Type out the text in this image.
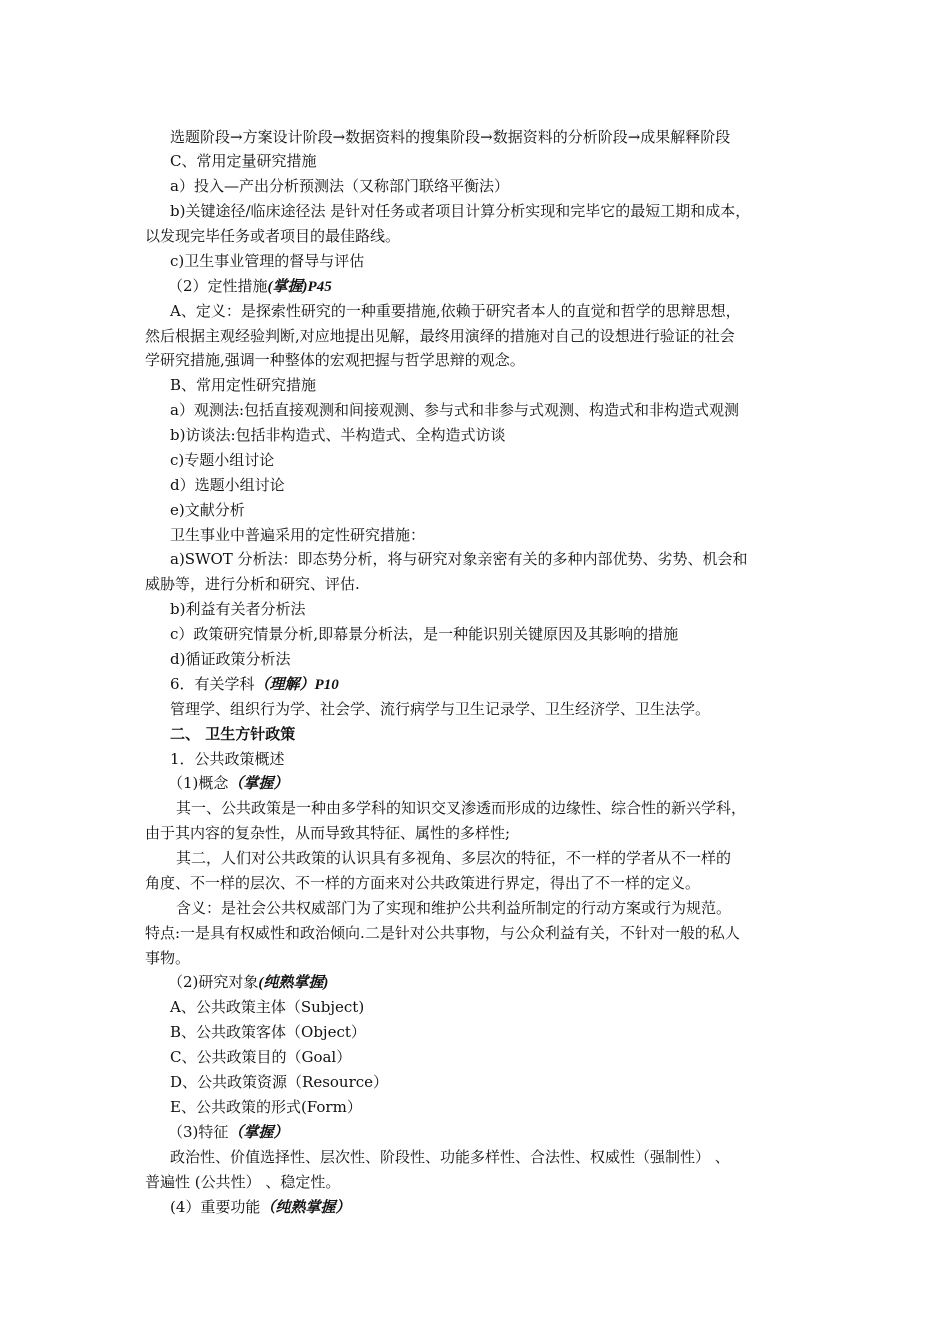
选题阶段→方案设计阶段→数据资料的搜集阶段→数据资料的分析阶段→成果解释阶段
C、常用定量研究措施
a）投入—产出分析预测法（又称部门联络平衡法）
b)关键途径/临床途径法 是针对任务或者项目计算分析实现和完毕它的最短工期和成本，
以发现完毕任务或者项目的最佳路线。
c)卫生事业管理的督导与评估
（2）定性措施(掌握)P45
A、定义：是探索性研究的一种重要措施,依赖于研究者本人的直觉和哲学的思辩思想，
然后根据主观经验判断,对应地提出见解，最终用演绎的措施对自己的设想进行验证的社会
学研究措施,强调一种整体的宏观把握与哲学思辩的观念。
B、常用定性研究措施
a）观测法:包括直接观测和间接观测、参与式和非参与式观测、构造式和非构造式观测
b)访谈法:包括非构造式、半构造式、全构造式访谈
c)专题小组讨论
d）选题小组讨论
e)文献分析
卫生事业中普遍采用的定性研究措施：
a)SWOT 分析法：即态势分析，将与研究对象亲密有关的多种内部优势、劣势、机会和
威胁等，进行分析和研究、评估.
b)利益有关者分析法
c）政策研究情景分析,即幕景分析法，是一种能识别关键原因及其影响的措施
d)循证政策分析法
6．有关学科（理解）P10
管理学、组织行为学、社会学、流行病学与卫生记录学、卫生经济学、卫生法学。
二、 卫生方针政策
1．公共政策概述
（1)概念（掌握）
其一、公共政策是一种由多学科的知识交叉渗透而形成的边缘性、综合性的新兴学科，
由于其内容的复杂性，从而导致其特征、属性的多样性;
其二，人们对公共政策的认识具有多视角、多层次的特征，不一样的学者从不一样的
角度、不一样的层次、不一样的方面来对公共政策进行界定，得出了不一样的定义。
含义：是社会公共权威部门为了实现和维护公共利益所制定的行动方案或行为规范。
特点:一是具有权威性和政治倾向.二是针对公共事物，与公众利益有关，不针对一般的私人
事物。
（2)研究对象(纯熟掌握)
A、公共政策主体（Subject)
B、公共政策客体（Object）
C、公共政策目的（Goal）
D、公共政策资源（Resource）
E、公共政策的形式(Form）
（3)特征（掌握）
政治性、价值选择性、层次性、阶段性、功能多样性、合法性、权威性（强制性） 、
普遍性 (公共性） 、稳定性。
(4）重要功能（纯熟掌握）
